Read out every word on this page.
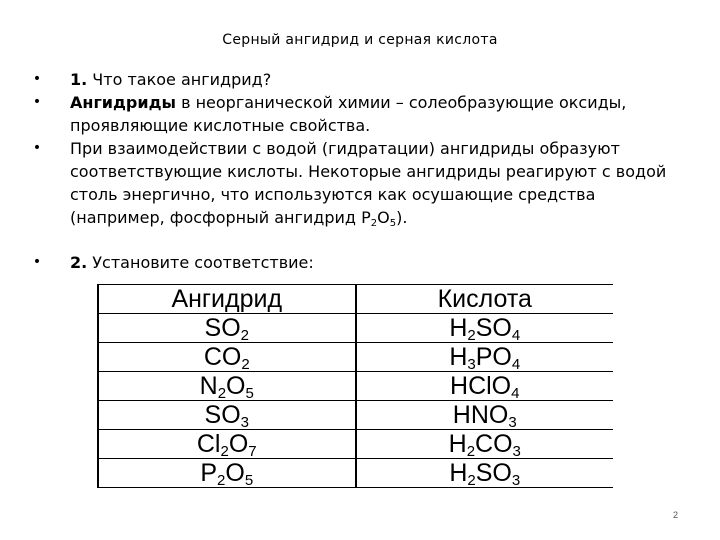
Серный ангидрид и серная кислота
• 1. Что такое ангидрид?
• Ангидриды в неорганической химии – солеобразующие оксиды, проявляющие кислотные свойства.
• При взаимодействии с водой (гидратации) ангидриды образуют соответствующие кислоты. Некоторые ангидриды реагируют с водой столь энергично, что используются как осушающие средства (например, фосфорный ангидрид $P_2O_5$).
• 2. Установите соответствие:
Ангидрид	Кислота
$SO_2$	$H_2SO_4$
$CO_2$	$H_3PO_4$
$N_2O_5$	HClO$_4$
$SO_3$	$HNO_3$
$Cl_2O_7$	$H_2CO_3$
$P_2O_5$	$H_2SO_3$
2
